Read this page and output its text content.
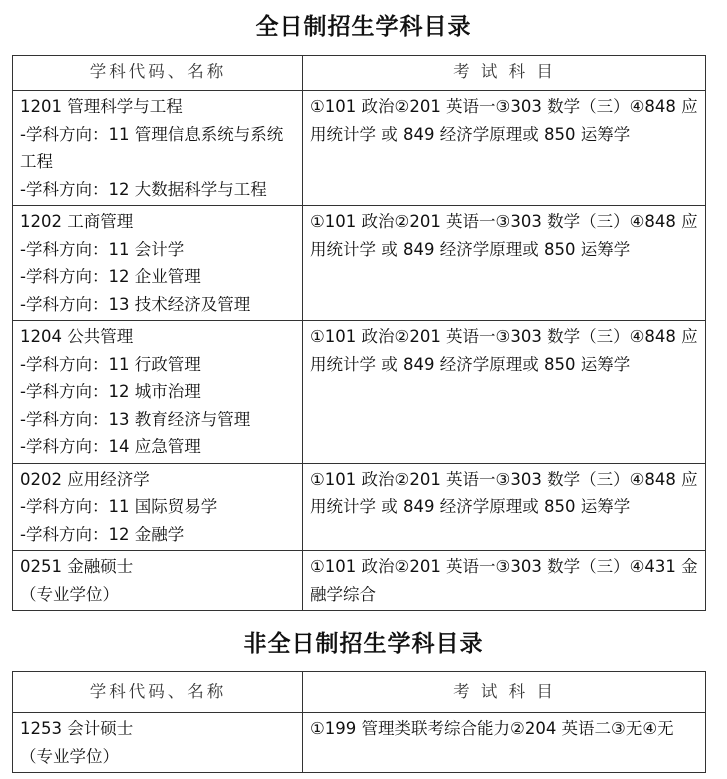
全日制招生学科目录
学科代码、名称	考 试 科 目

1201 管理科学与工程
-学科方向：11 管理信息系统与系统工程
-学科方向：12 大数据科学与工程	①101 政治②201 英语一③303 数学（三）④848 应用统计学 或 849 经济学原理或 850 运筹学

1202 工商管理
-学科方向：11 会计学
-学科方向：12 企业管理
-学科方向：13 技术经济及管理	①101 政治②201 英语一③303 数学（三）④848 应用统计学 或 849 经济学原理或 850 运筹学

1204 公共管理
-学科方向：11 行政管理
-学科方向：12 城市治理
-学科方向：13 教育经济与管理
-学科方向：14 应急管理	①101 政治②201 英语一③303 数学（三）④848 应用统计学 或 849 经济学原理或 850 运筹学

0202 应用经济学
-学科方向：11 国际贸易学
-学科方向：12 金融学	①101 政治②201 英语一③303 数学（三）④848 应用统计学 或 849 经济学原理或 850 运筹学

0251 金融硕士
（专业学位）	①101 政治②201 英语一③303 数学（三）④431 金融学综合
非全日制招生学科目录
学科代码、名称	考 试 科 目

1253 会计硕士
（专业学位）	①199 管理类联考综合能力②204 英语二③无④无
